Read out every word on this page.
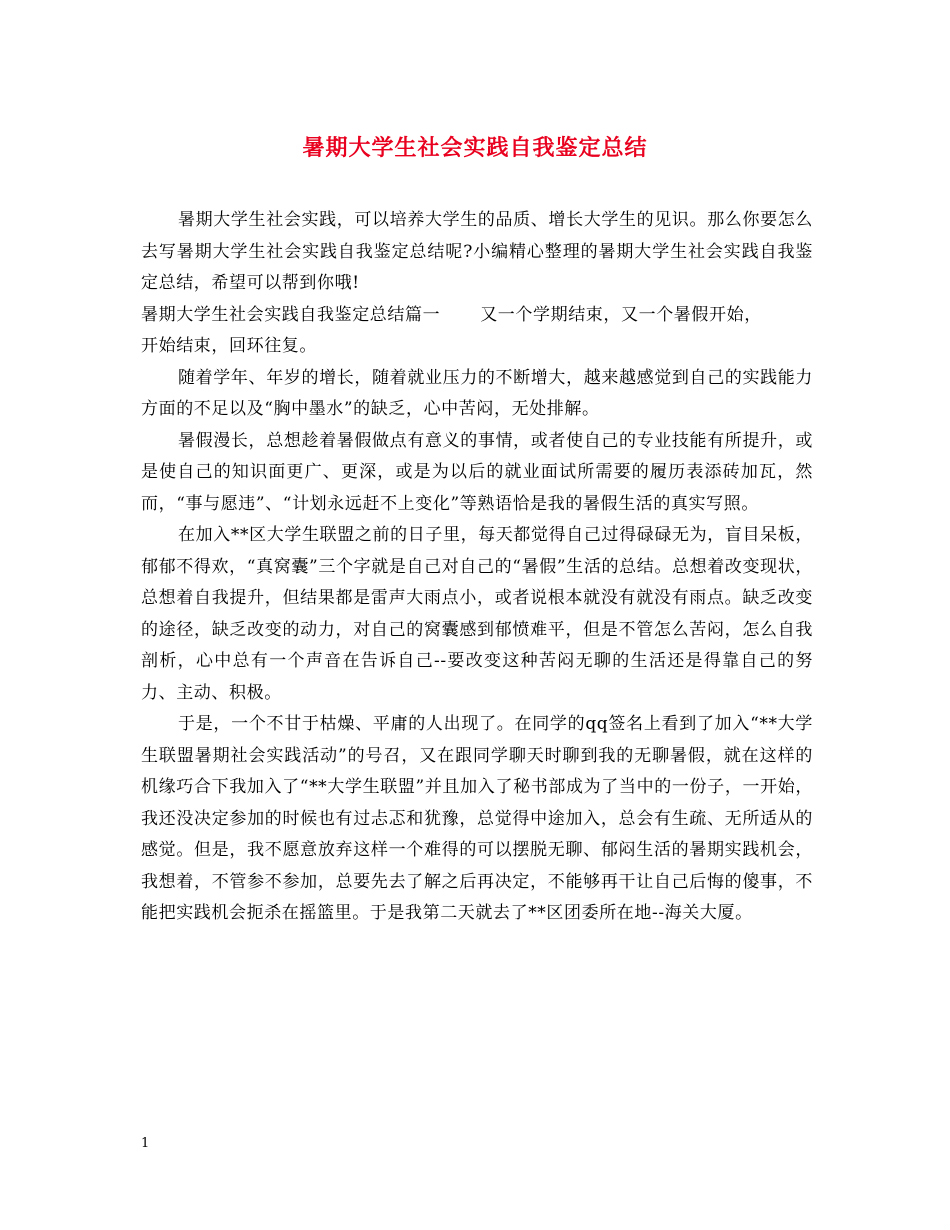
暑期大学生社会实践自我鉴定总结

暑期大学生社会实践，可以培养大学生的品质、增长大学生的见识。那么你要怎么去写暑期大学生社会实践自我鉴定总结呢?小编精心整理的暑期大学生社会实践自我鉴定总结，希望可以帮到你哦!

暑期大学生社会实践自我鉴定总结篇一 又一个学期结束，又一个暑假开始，

开始结束，回环往复。

随着学年、年岁的增长，随着就业压力的不断增大，越来越感觉到自己的实践能力方面的不足以及“胸中墨水”的缺乏，心中苦闷，无处排解。

暑假漫长，总想趁着暑假做点有意义的事情，或者使自己的专业技能有所提升，或是使自己的知识面更广、更深，或是为以后的就业面试所需要的履历表添砖加瓦，然而，“事与愿违”、“计划永远赶不上变化”等熟语恰是我的暑假生活的真实写照。

在加入**区大学生联盟之前的日子里，每天都觉得自己过得碌碌无为，盲目呆板，郁郁不得欢，“真窝囊”三个字就是自己对自己的“暑假”生活的总结。总想着改变现状，总想着自我提升，但结果都是雷声大雨点小，或者说根本就没有就没有雨点。缺乏改变的途径，缺乏改变的动力，对自己的窝囊感到郁愤难平，但是不管怎么苦闷，怎么自我剖析，心中总有一个声音在告诉自己--要改变这种苦闷无聊的生活还是得靠自己的努力、主动、积极。

于是，一个不甘于枯燥、平庸的人出现了。在同学的qq签名上看到了加入“**大学生联盟暑期社会实践活动”的号召，又在跟同学聊天时聊到我的无聊暑假，就在这样的机缘巧合下我加入了“**大学生联盟”并且加入了秘书部成为了当中的一份子，一开始，我还没决定参加的时候也有过忐忑和犹豫，总觉得中途加入，总会有生疏、无所适从的感觉。但是，我不愿意放弃这样一个难得的可以摆脱无聊、郁闷生活的暑期实践机会，我想着，不管参不参加，总要先去了解之后再决定，不能够再干让自己后悔的傻事，不能把实践机会扼杀在摇篮里。于是我第二天就去了**区团委所在地--海关大厦。

1
